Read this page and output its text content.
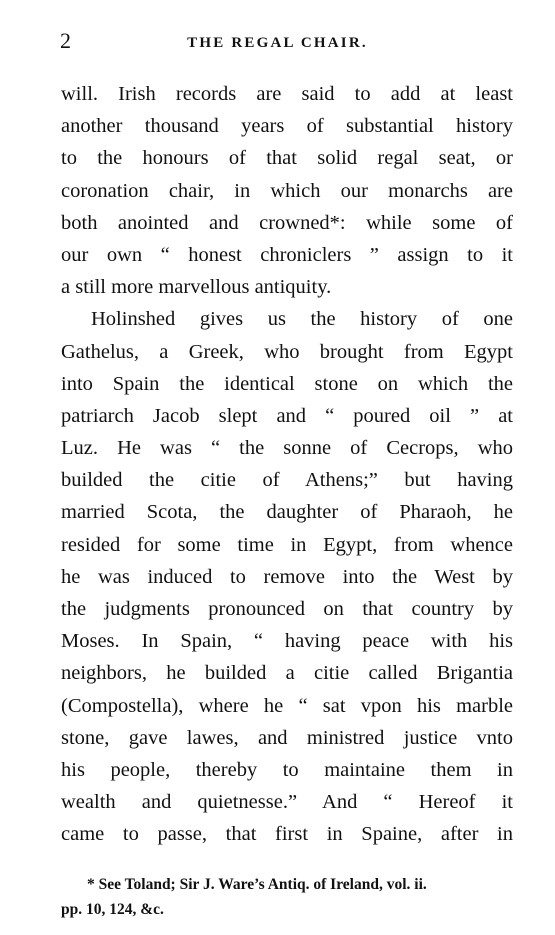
2	THE REGAL CHAIR.
will. Irish records are said to add at least
another thousand years of substantial history
to the honours of that solid regal seat, or
coronation chair, in which our monarchs are
both anointed and crowned*: while some of
our own “ honest chroniclers ” assign to it
a still more marvellous antiquity.
Holinshed gives us the history of one
Gathelus, a Greek, who brought from Egypt
into Spain the identical stone on which the
patriarch Jacob slept and “ poured oil ” at
Luz. He was “ the sonne of Cecrops, who
builded the citie of Athens;” but having
married Scota, the daughter of Pharaoh, he
resided for some time in Egypt, from whence
he was induced to remove into the West by
the judgments pronounced on that country by
Moses. In Spain, “ having peace with his
neighbors, he builded a citie called Brigantia
(Compostella), where he “ sat vpon his marble
stone, gave lawes, and ministred justice vnto
his people, thereby to maintaine them in
wealth and quietnesse.” And “ Hereof it
came to passe, that first in Spaine, after in
* See Toland; Sir J. Ware’s Antiq. of Ireland, vol. ii.
pp. 10, 124, &c.
